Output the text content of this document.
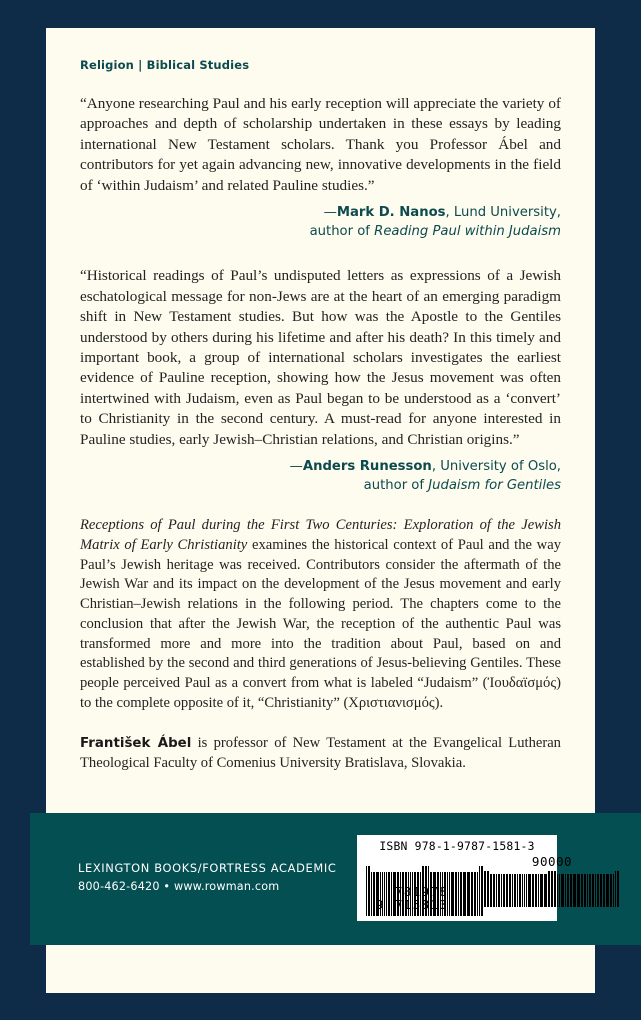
Religion | Biblical Studies

“Anyone researching Paul and his early reception will appreciate the variety of approaches and depth of scholarship undertaken in these essays by leading international New Testament scholars. Thank you Professor Ábel and contributors for yet again advancing new, innovative developments in the field of ‘within Judaism’ and related Pauline studies.”

—Mark D. Nanos, Lund University,
author of Reading Paul within Judaism

“Historical readings of Paul’s undisputed letters as expressions of a Jewish eschatological message for non-Jews are at the heart of an emerging paradigm shift in New Testament studies. But how was the Apostle to the Gentiles understood by others during his lifetime and after his death? In this timely and important book, a group of international scholars investigates the earliest evidence of Pauline reception, showing how the Jesus movement was often intertwined with Judaism, even as Paul began to be understood as a ‘convert’ to Christianity in the second century. A must-read for anyone interested in Pauline studies, early Jewish–Christian relations, and Christian origins.”

—Anders Runesson, University of Oslo,
author of Judaism for Gentiles

Receptions of Paul during the First Two Centuries: Exploration of the Jewish Matrix of Early Christianity examines the historical context of Paul and the way Paul’s Jewish heritage was received. Contributors consider the aftermath of the Jewish War and its impact on the development of the Jesus movement and early Christian–Jewish relations in the following period. The chapters come to the conclusion that after the Jewish War, the reception of the authentic Paul was transformed more and more into the tradition about Paul, based on and established by the second and third generations of Jesus-believing Gentiles. These people perceived Paul as a convert from what is labeled “Judaism” (Ἰουδαϊσμός) to the complete opposite of it, “Christianity” (Χριστιανισμός).

František Ábel is professor of New Testament at the Evangelical Lutheran Theological Faculty of Comenius University Bratislava, Slovakia.

LEXINGTON BOOKS/FORTRESS ACADEMIC
800-462-6420 • www.rowman.com
ISBN 978-1-9787-1581-3
9
781978 715813
90000
